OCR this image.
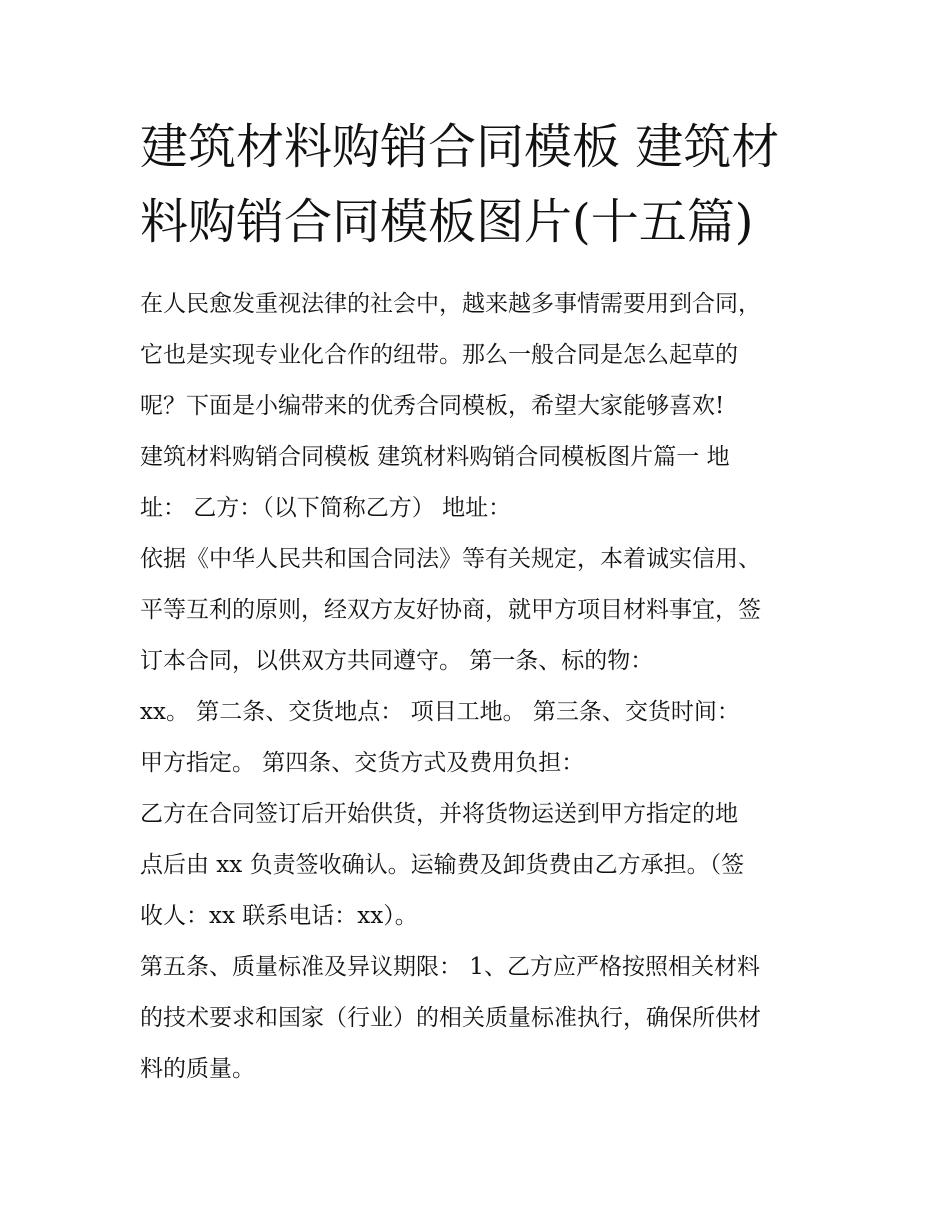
建筑材料购销合同模板 建筑材
料购销合同模板图片(十五篇)
在人民愈发重视法律的社会中，越来越多事情需要用到合同，
它也是实现专业化合作的纽带。那么一般合同是怎么起草的
呢？下面是小编带来的优秀合同模板，希望大家能够喜欢!
建筑材料购销合同模板 建筑材料购销合同模板图片篇一 地
址： 乙方：（以下简称乙方） 地址：
依据《中华人民共和国合同法》等有关规定，本着诚实信用、
平等互利的原则，经双方友好协商，就甲方项目材料事宜，签
订本合同，以供双方共同遵守。 第一条、标的物：
xx。 第二条、交货地点： 项目工地。 第三条、交货时间：
甲方指定。 第四条、交货方式及费用负担：
乙方在合同签订后开始供货，并将货物运送到甲方指定的地
点后由 xx 负责签收确认。运输费及卸货费由乙方承担。（签
收人：xx 联系电话：xx）。
第五条、质量标准及异议期限： 1、乙方应严格按照相关材料
的技术要求和国家（行业）的相关质量标准执行，确保所供材
料的质量。
